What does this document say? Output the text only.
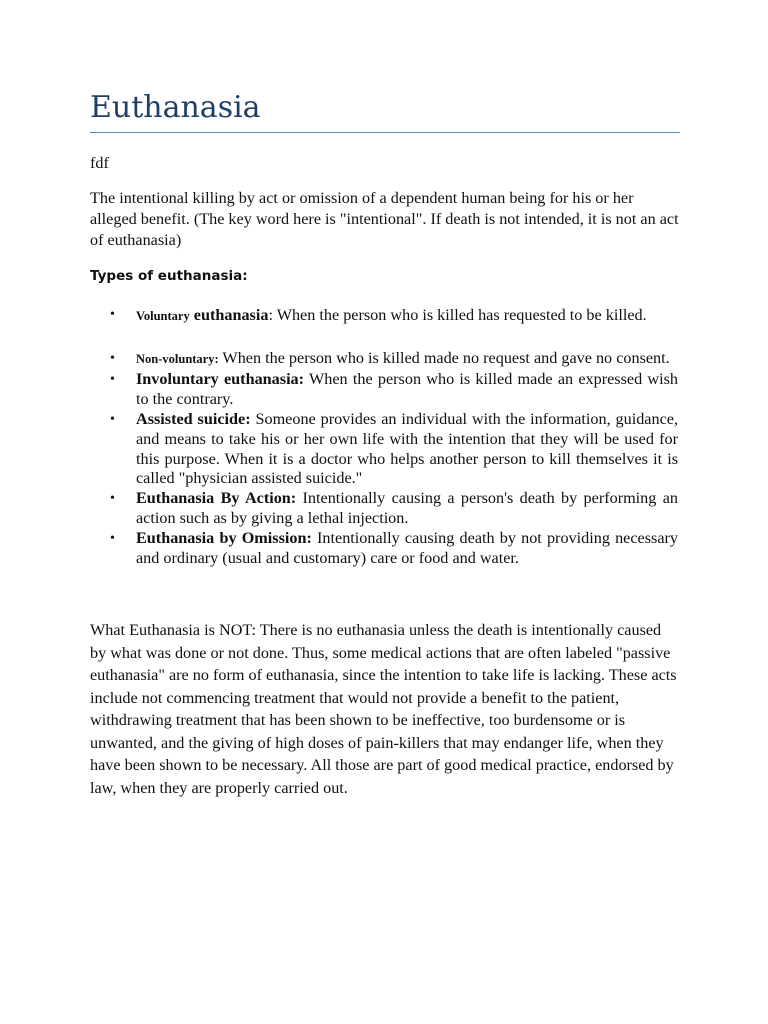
Euthanasia

fdf

The intentional killing by act or omission of a dependent human being for his or her alleged benefit. (The key word here is "intentional". If death is not intended, it is not an act of euthanasia)

Types of euthanasia:

• Voluntary euthanasia: When the person who is killed has requested to be killed.
• Non-voluntary: When the person who is killed made no request and gave no consent.
• Involuntary euthanasia: When the person who is killed made an expressed wish to the contrary.
• Assisted suicide: Someone provides an individual with the information, guidance, and means to take his or her own life with the intention that they will be used for this purpose. When it is a doctor who helps another person to kill themselves it is called "physician assisted suicide."
• Euthanasia By Action: Intentionally causing a person's death by performing an action such as by giving a lethal injection.
• Euthanasia by Omission: Intentionally causing death by not providing necessary and ordinary (usual and customary) care or food and water.

What Euthanasia is NOT: There is no euthanasia unless the death is intentionally caused by what was done or not done. Thus, some medical actions that are often labeled "passive euthanasia" are no form of euthanasia, since the intention to take life is lacking. These acts include not commencing treatment that would not provide a benefit to the patient, withdrawing treatment that has been shown to be ineffective, too burdensome or is unwanted, and the giving of high doses of pain-killers that may endanger life, when they have been shown to be necessary. All those are part of good medical practice, endorsed by law, when they are properly carried out.
